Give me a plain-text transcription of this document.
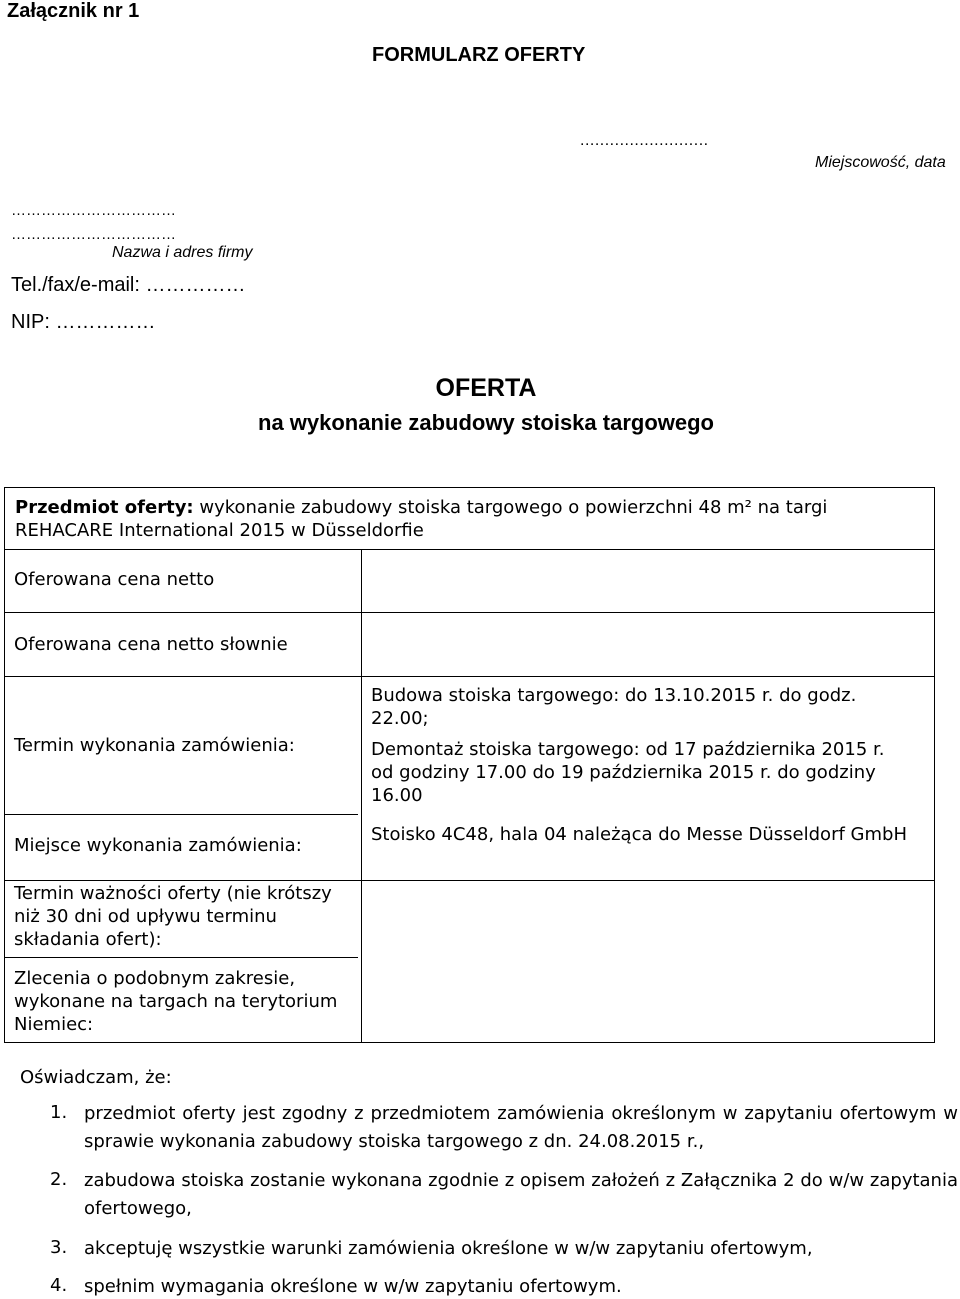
Załącznik nr 1
FORMULARZ OFERTY
..........................
Miejscowość, data
……………………………
……………………………
Nazwa i adres firmy
Tel./fax/e-mail: ……………
NIP: ……………
OFERTA
na wykonanie zabudowy stoiska targowego
Przedmiot oferty: wykonanie zabudowy stoiska targowego o powierzchni 48 m² na targi REHACARE International 2015 w Düsseldorfie
Oferowana cena netto
Oferowana cena netto słownie
Termin wykonania zamówienia:
Budowa stoiska targowego: do 13.10.2015 r. do godz. 22.00;
Demontaż stoiska targowego: od 17 października 2015 r. od godziny 17.00 do 19 października 2015 r. do godziny 16.00
Miejsce wykonania zamówienia:
Stoisko 4C48, hala 04 należąca do Messe Düsseldorf GmbH
Termin ważności oferty (nie krótszy niż 30 dni od upływu terminu składania ofert):
Zlecenia o podobnym zakresie, wykonane na targach na terytorium Niemiec:
Oświadczam, że:
1. przedmiot oferty jest zgodny z przedmiotem zamówienia określonym w zapytaniu ofertowym w sprawie wykonania zabudowy stoiska targowego z dn. 24.08.2015 r.,
2. zabudowa stoiska zostanie wykonana zgodnie z opisem założeń z Załącznika 2 do w/w zapytania ofertowego,
3. akceptuję wszystkie warunki zamówienia określone w w/w zapytaniu ofertowym,
4. spełnim wymagania określone w w/w zapytaniu ofertowym.
